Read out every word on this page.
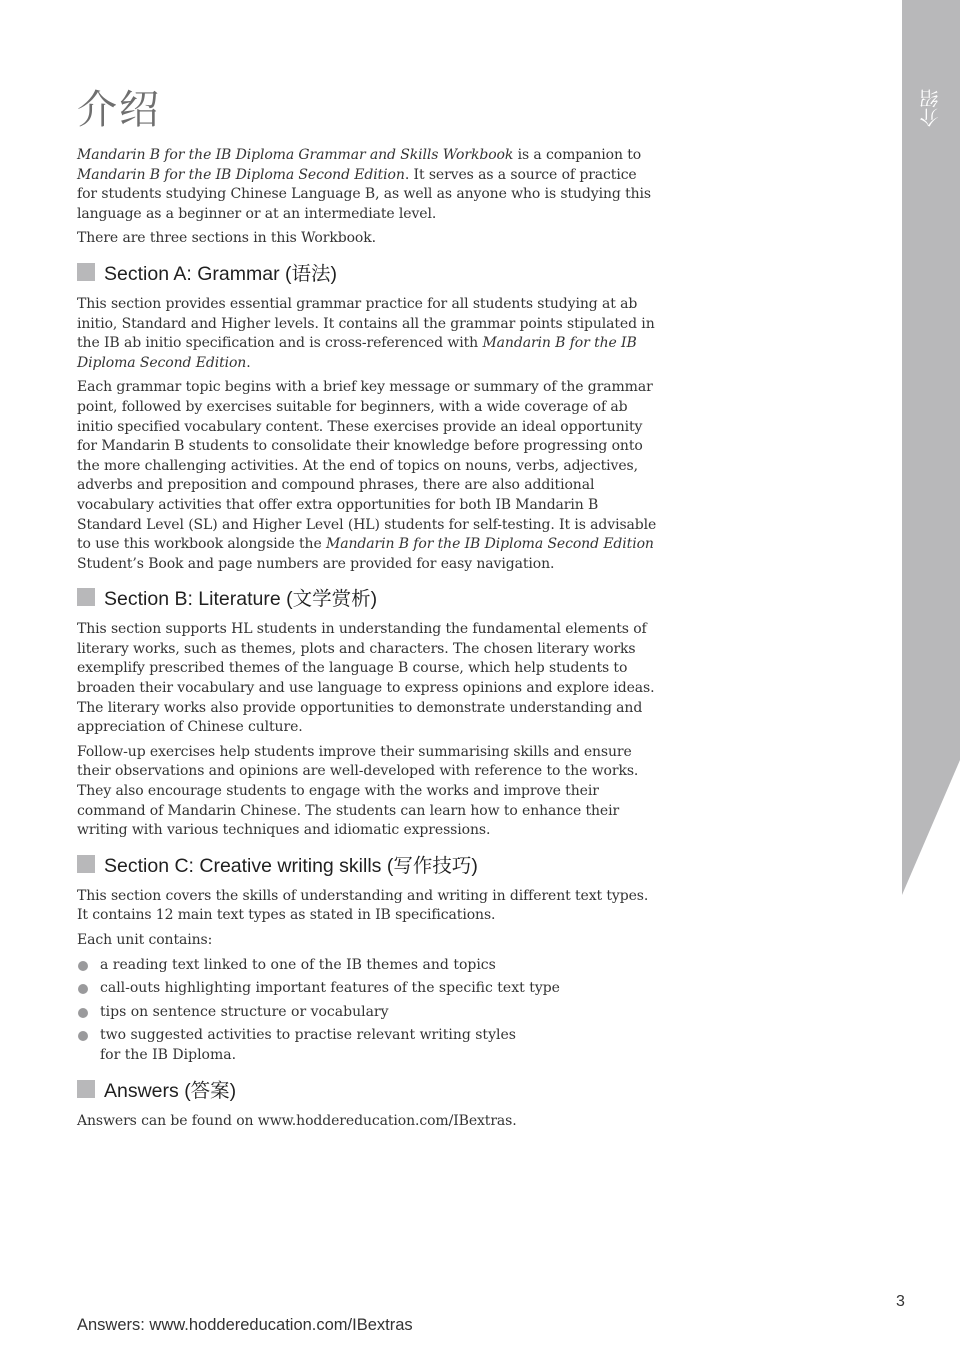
介绍
介绍

Mandarin B for the IB Diploma Grammar and Skills Workbook is a companion to Mandarin B for the IB Diploma Second Edition. It serves as a source of practice for students studying Chinese Language B, as well as anyone who is studying this language as a beginner or at an intermediate level.

There are three sections in this Workbook.

Section A: Grammar (语法)

This section provides essential grammar practice for all students studying at ab initio, Standard and Higher levels. It contains all the grammar points stipulated in the IB ab initio specification and is cross-referenced with Mandarin B for the IB Diploma Second Edition.

Each grammar topic begins with a brief key message or summary of the grammar point, followed by exercises suitable for beginners, with a wide coverage of ab initio specified vocabulary content. These exercises provide an ideal opportunity for Mandarin B students to consolidate their knowledge before progressing onto the more challenging activities. At the end of topics on nouns, verbs, adjectives, adverbs and preposition and compound phrases, there are also additional vocabulary activities that offer extra opportunities for both IB Mandarin B Standard Level (SL) and Higher Level (HL) students for self-testing. It is advisable to use this workbook alongside the Mandarin B for the IB Diploma Second Edition Student’s Book and page numbers are provided for easy navigation.

Section B: Literature (文学赏析)

This section supports HL students in understanding the fundamental elements of literary works, such as themes, plots and characters. The chosen literary works exemplify prescribed themes of the language B course, which help students to broaden their vocabulary and use language to express opinions and explore ideas. The literary works also provide opportunities to demonstrate understanding and appreciation of Chinese culture.

Follow-up exercises help students improve their summarising skills and ensure their observations and opinions are well-developed with reference to the works. They also encourage students to engage with the works and improve their command of Mandarin Chinese. The students can learn how to enhance their writing with various techniques and idiomatic expressions.

Section C: Creative writing skills (写作技巧)

This section covers the skills of understanding and writing in different text types. It contains 12 main text types as stated in IB specifications.

Each unit contains:

a reading text linked to one of the IB themes and topics
call-outs highlighting important features of the specific text type
tips on sentence structure or vocabulary
two suggested activities to practise relevant writing styles for the IB Diploma.
Answers (答案)

Answers can be found on www.hoddereducation.com/IBextras.

3
Answers: www.hoddereducation.com/IBextras
